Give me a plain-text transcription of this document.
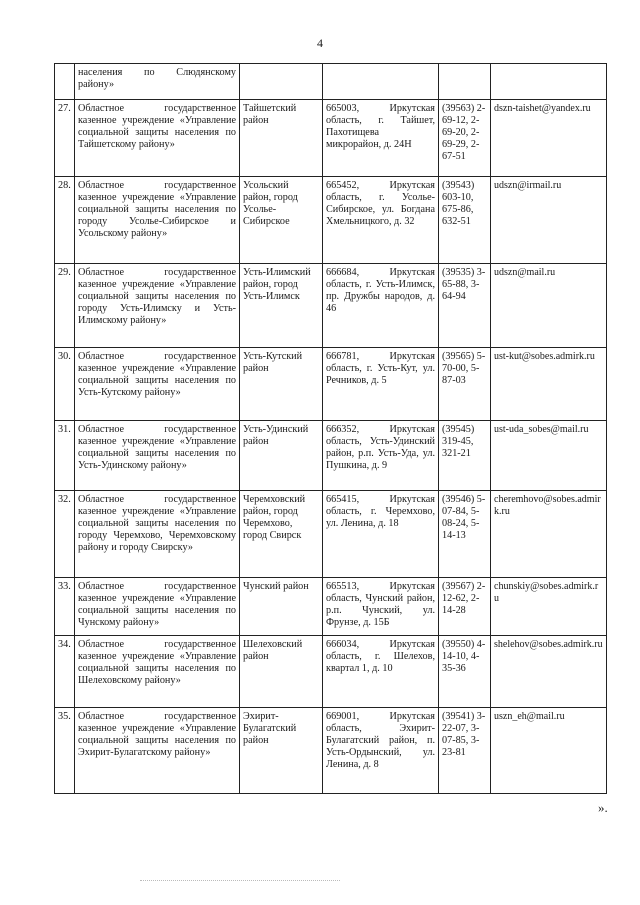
4
	населения по Слюдянскому району»				
27.	Областное государственное казенное учреждение «Управление социальной защиты населения по Тайшетскому району»	Тайшетский район	665003, Иркутская область, г. Тайшет, Пахотищева микрорайон, д. 24Н	(39563) 2-69-12, 2-69-20, 2-69-29, 2-67-51	dszn-taishet@yandex.ru
28.	Областное государственное казенное учреждение «Управление социальной защиты населения по городу Усолье-Сибирское и Усольскому району»	Усольский район, город Усолье-Сибирское	665452, Иркутская область, г. Усолье-Сибирское, ул. Богдана Хмельницкого, д. 32	(39543) 603-10, 675-86, 632-51	udszn@irmail.ru
29.	Областное государственное казенное учреждение «Управление социальной защиты населения по городу Усть-Илимску и Усть-Илимскому району»	Усть-Илимский район, город Усть-Илимск	666684, Иркутская область, г. Усть-Илимск, пр. Дружбы народов, д. 46	(39535) 3-65-88, 3-64-94	udszn@mail.ru
30.	Областное государственное казенное учреждение «Управление социальной защиты населения по Усть-Кутскому району»	Усть-Кутский район	666781, Иркутская область, г. Усть-Кут, ул. Речников, д. 5	(39565) 5-70-00, 5-87-03	ust-kut@sobes.admirk.ru
31.	Областное государственное казенное учреждение «Управление социальной защиты населения по Усть-Удинскому району»	Усть-Удинский район	666352, Иркутская область, Усть-Удинский район, р.п. Усть-Уда, ул. Пушкина, д. 9	(39545) 319-45, 321-21	ust-uda_sobes@mail.ru
32.	Областное государственное казенное учреждение «Управление социальной защиты населения по городу Черемхово, Черемховскому району и городу Свирску»	Черемховский район, город Черемхово, город Свирск	665415, Иркутская область, г. Черемхово, ул. Ленина, д. 18	(39546) 5-07-84, 5-08-24, 5-14-13	cheremhovo@sobes.admirk.ru
33.	Областное государственное казенное учреждение «Управление социальной защиты населения по Чунскому району»	Чунский район	665513, Иркутская область, Чунский район, р.п. Чунский, ул. Фрунзе, д. 15Б	(39567) 2-12-62, 2-14-28	chunskiy@sobes.admirk.ru
34.	Областное государственное казенное учреждение «Управление социальной защиты населения по Шелеховскому району»	Шелеховский район	666034, Иркутская область, г. Шелехов, квартал 1, д. 10	(39550) 4-14-10, 4-35-36	shelehov@sobes.admirk.ru
35.	Областное государственное казенное учреждение «Управление социальной защиты населения по Эхирит-Булагатскому району»	Эхирит-Булагатский район	669001, Иркутская область, Эхирит-Булагатский район, п. Усть-Ордынский, ул. Ленина, д. 8	(39541) 3-22-07, 3-07-85, 3-23-81	uszn_eh@mail.ru
».
